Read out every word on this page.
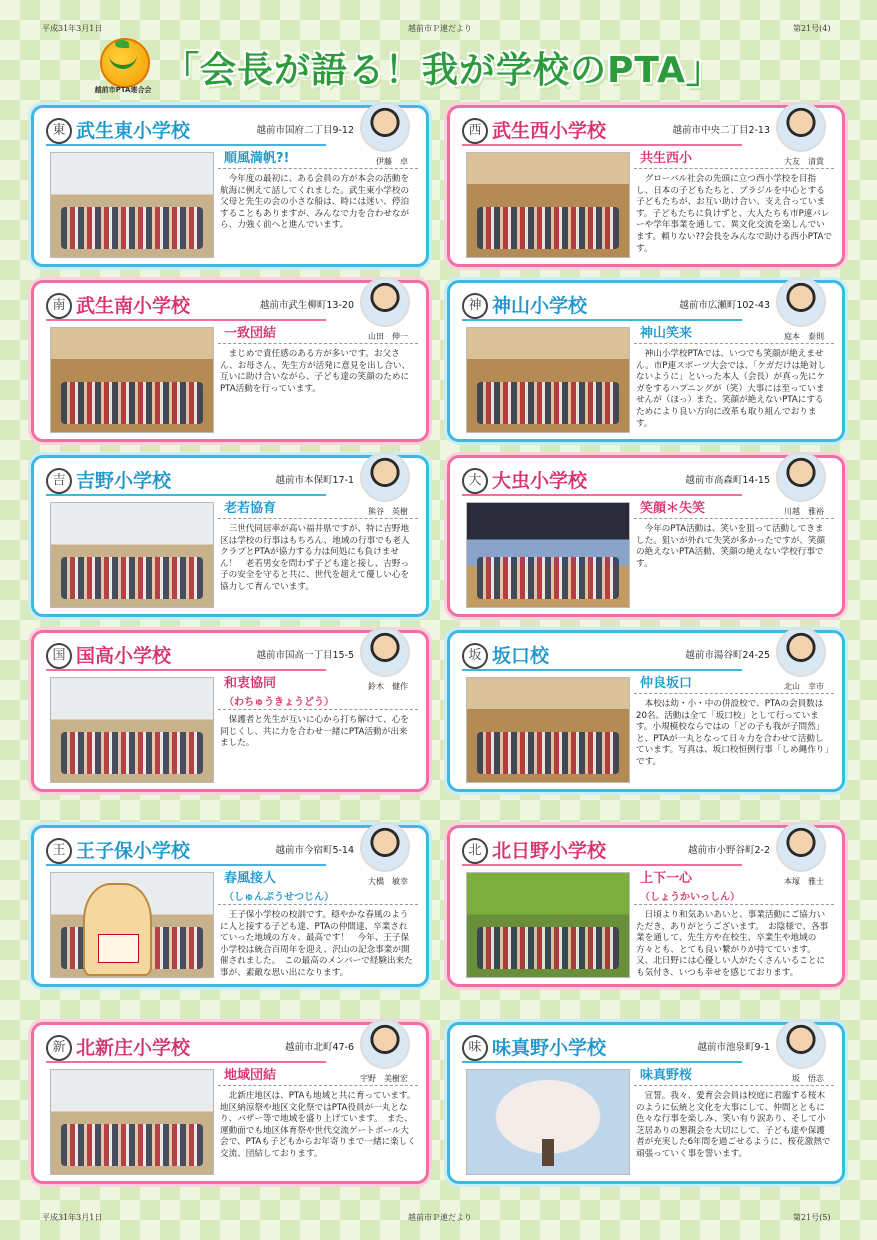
平成31年3月1日	越前市Ｐ連だより	第21号(4)
越前市PTA連合会 「会長が語る！我が学校のPTA」
東 武生東小学校	越前市国府二丁目9-12
順風満帆?!	伊藤　卓
今年度の最初に、ある会員の方が本会の活動を航海に例えて話してくれました。武生東小学校の父母と先生の会の小さな船は、時には迷い、停泊することもありますが、みんなで力を合わせながら、力強く前へと進んでいます。
西 武生西小学校	越前市中央二丁目2-13
共生西小	大友　清貴
グローバル社会の先頭に立つ西小学校を目指し、日本の子どもたちと、ブラジルを中心とする子どもたちが、お互い助け合い、支え合っています。子どもたちに負けずと、大人たちも市P連バレーや学年事業を通して、異文化交流を楽しんでいます。頼りない??会長をみんなで助ける西小PTAです。
南 武生南小学校	越前市武生柳町13-20
一致団結	山田　伸一
まじめで責任感のある方が多いです。お父さん、お母さん、先生方が活発に意見を出し合い、互いに助け合いながら、子ども達の笑顔のためにPTA活動を行っています。
神 神山小学校	越前市広瀬町102-43
神山笑来	庭本　泰則
神山小学校PTAでは、いつでも笑顔が絶えません。市P連スポーツ大会では、「ケガだけは絶対しないように」といった本人（会長）が真っ先にケガをするハプニングが（笑）大事には至っていませんが（ほっ）また、笑顔が絶えないPTAにするためにより良い方向に改革も取り組んでおります。
吉 吉野小学校	越前市本保町17-1
老若協育	熊谷　英樹
三世代同居率が高い福井県ですが、特に吉野地区は学校の行事はもちろん、地域の行事でも老人クラブとPTAが協力する力は何処にも負けません！　老若男女を問わず子ども達と接し、吉野っ子の安全を守ると共に、世代を超えて優しい心を協力して育んでいます。
大 大虫小学校	越前市高森町14-15
笑顔＊失笑	川越　雅裕
今年のPTA活動は、笑いを狙って活動してきました。狙いが外れて失笑が多かったですが、笑顔の絶えないPTA活動、笑顔の絶えない学校行事です。
国 国高小学校	越前市国高一丁目15-5
和衷協同
（わちゅうきょうどう）
鈴木　健作
保護者と先生が互いに心から打ち解けて、心を同じくし、共に力を合わせ一緒にPTA活動が出来ました。
坂 坂口校	越前市湯谷町24-25
仲良坂口	北山　幸市
本校は幼・小・中の併設校で、PTAの会員数は20名。活動は全て「坂口校」として行っています。小規模校ならではの「どの子も我が子問然」と、PTAが一丸となって日々力を合わせて活動しています。写真は、坂口校恒例行事「しめ縄作り」です。
王 王子保小学校	越前市今宿町5-14
春風接人
（しゅんぷうせつじん）
大橋　敏幸
王子保小学校の校訓です。穏やかな春風のように人と接する子ども達、PTAの仲間達、卒業されていった地域の方々、最高です！　今年、王子保小学校は統合百周年を迎え、沢山の記念事業が開催されました。　この最高のメンバーで経験出来た事が、素敵な思い出になります。
北 北日野小学校	越前市小野谷町2-2
上下一心
（しょうかいっしん）
本塚　雅士
日頃より和気あいあいと、事業活動にご協力いただき、ありがとうございます。　お陰様で、各事業を通して、先生方や在校生、卒業生や地域の方々とも、とても良い繋がりが持てています。又、北日野には心優しい人がたくさんいることにも気付き、いつも幸せを感じております。
新 北新庄小学校	越前市北町47-6
地域団結	宇野　美樹宏
北新庄地区は、PTAも地域と共に育っています。　地区納涼祭や地区文化祭ではPTA役員が一丸となり、バザー等で地域を盛り上げています。　また、運動面でも地区体育祭や世代交流ゲートボール大会で、PTAも子どもからお年寄りまで一緒に楽しく交流、団結しております。
味 味真野小学校	越前市池泉町9-1
味真野桜	坂　悟志
宣誓。我々、愛育会会員は校庭に君臨する桜木のように伝統と文化を大事にして、仲間とともに色々な行事を楽しみ、笑い有り涙あり、そして小芝居ありの懇親会を大切にして、子ども達や保護者が充実した6年間を過ごせるように、桜花激熱で頑張っていく事を誓います。
平成31年3月1日	越前市Ｐ連だより	第21号(5)
